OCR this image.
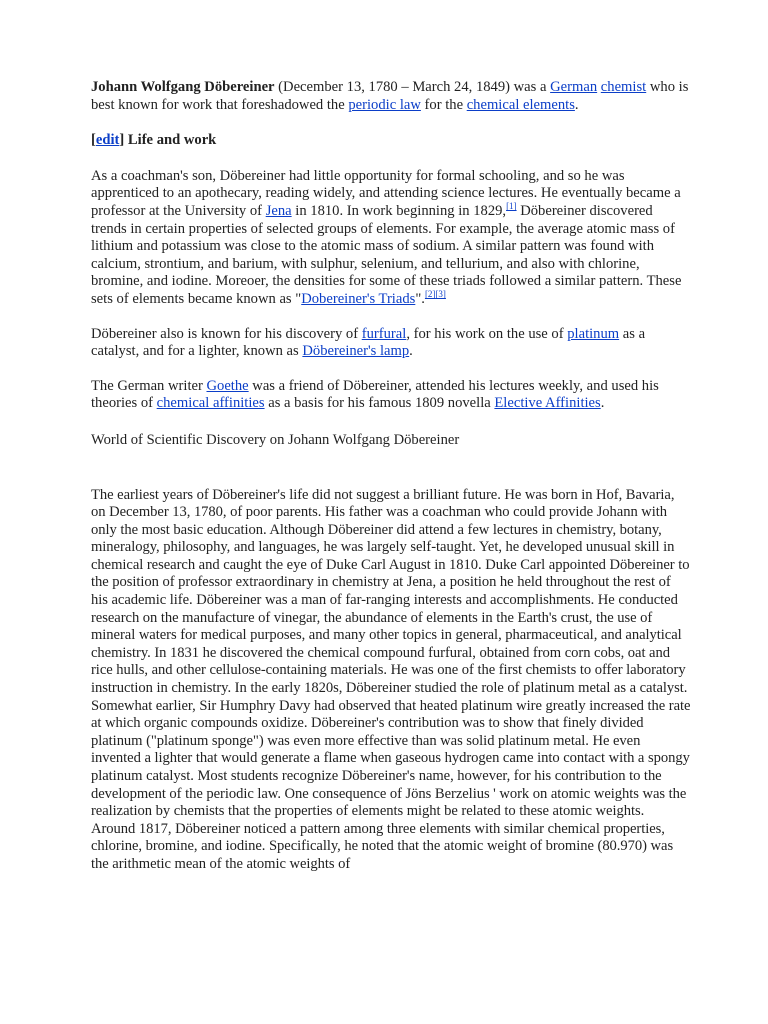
Johann Wolfgang Döbereiner (December 13, 1780 – March 24, 1849) was a German chemist who is best known for work that foreshadowed the periodic law for the chemical elements.

[edit] Life and work

As a coachman's son, Döbereiner had little opportunity for formal schooling, and so he was apprenticed to an apothecary, reading widely, and attending science lectures. He eventually became a professor at the University of Jena in 1810. In work beginning in 1829,[1] Döbereiner discovered trends in certain properties of selected groups of elements. For example, the average atomic mass of lithium and potassium was close to the atomic mass of sodium. A similar pattern was found with calcium, strontium, and barium, with sulphur, selenium, and tellurium, and also with chlorine, bromine, and iodine. Moreoer, the densities for some of these triads followed a similar pattern. These sets of elements became known as "Dobereiner's Triads".[2][3]

Döbereiner also is known for his discovery of furfural, for his work on the use of platinum as a catalyst, and for a lighter, known as Döbereiner's lamp.

The German writer Goethe was a friend of Döbereiner, attended his lectures weekly, and used his theories of chemical affinities as a basis for his famous 1809 novella Elective Affinities.

World of Scientific Discovery on Johann Wolfgang Döbereiner

The earliest years of Döbereiner's life did not suggest a brilliant future. He was born in Hof, Bavaria, on December 13, 1780, of poor parents. His father was a coachman who could provide Johann with only the most basic education. Although Döbereiner did attend a few lectures in chemistry, botany, mineralogy, philosophy, and languages, he was largely self-taught. Yet, he developed unusual skill in chemical research and caught the eye of Duke Carl August in 1810. Duke Carl appointed Döbereiner to the position of professor extraordinary in chemistry at Jena, a position he held throughout the rest of his academic life. Döbereiner was a man of far-ranging interests and accomplishments. He conducted research on the manufacture of vinegar, the abundance of elements in the Earth's crust, the use of mineral waters for medical purposes, and many other topics in general, pharmaceutical, and analytical chemistry. In 1831 he discovered the chemical compound furfural, obtained from corn cobs, oat and rice hulls, and other cellulose-containing materials. He was one of the first chemists to offer laboratory instruction in chemistry. In the early 1820s, Döbereiner studied the role of platinum metal as a catalyst. Somewhat earlier, Sir Humphry Davy had observed that heated platinum wire greatly increased the rate at which organic compounds oxidize. Döbereiner's contribution was to show that finely divided platinum ("platinum sponge") was even more effective than was solid platinum metal. He even invented a lighter that would generate a flame when gaseous hydrogen came into contact with a spongy platinum catalyst. Most students recognize Döbereiner's name, however, for his contribution to the development of the periodic law. One consequence of Jöns Berzelius ' work on atomic weights was the realization by chemists that the properties of elements might be related to these atomic weights. Around 1817, Döbereiner noticed a pattern among three elements with similar chemical properties, chlorine, bromine, and iodine. Specifically, he noted that the atomic weight of bromine (80.970) was the arithmetic mean of the atomic weights of
